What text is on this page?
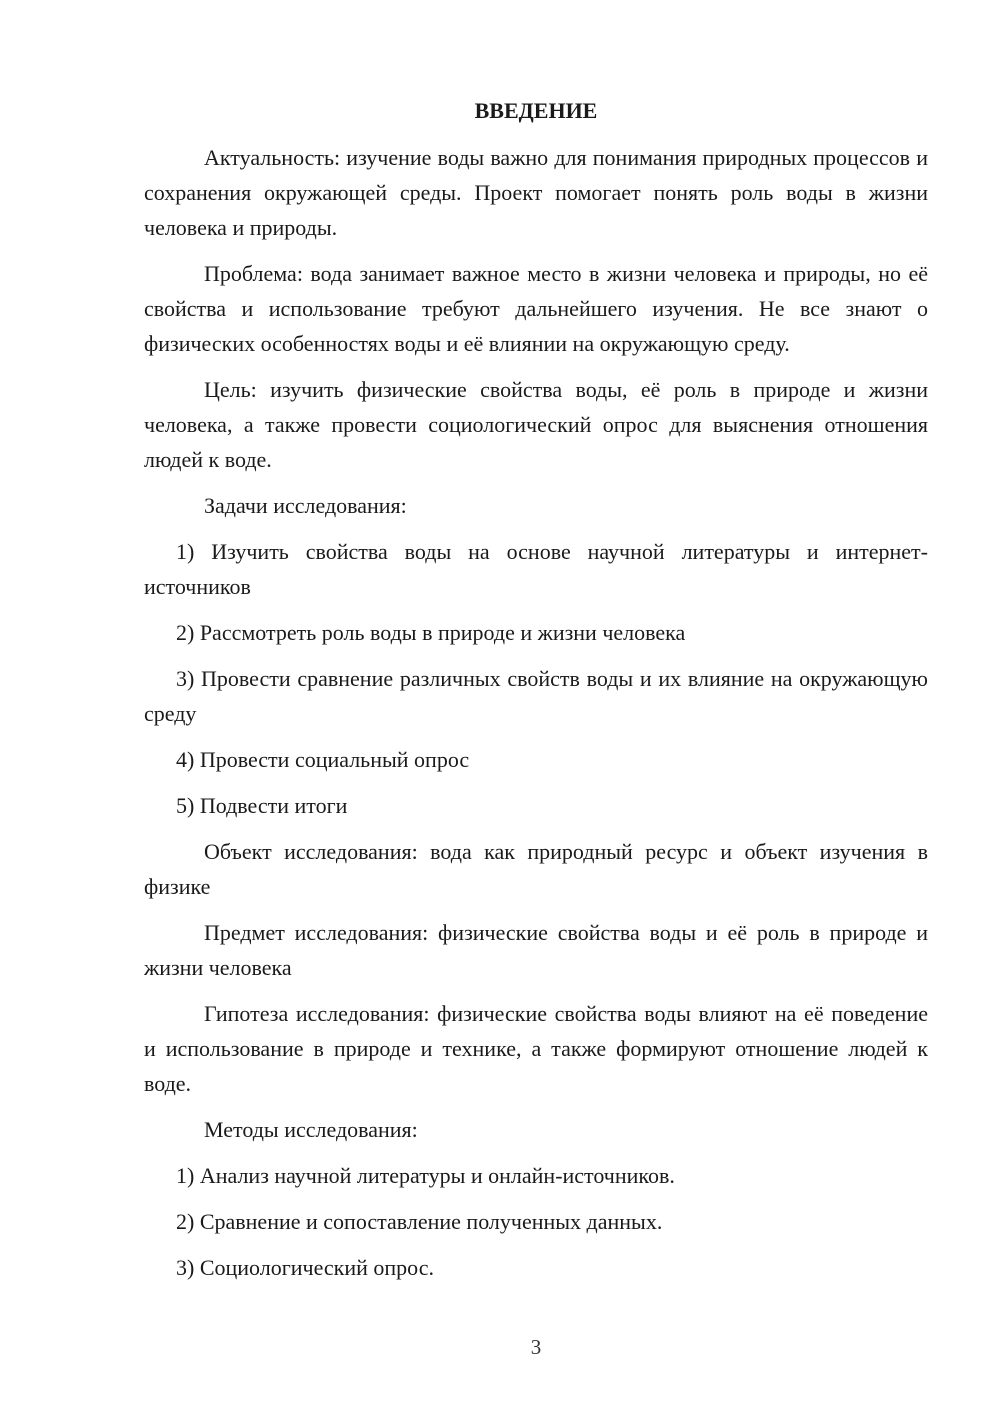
ВВЕДЕНИЕ

Актуальность: изучение воды важно для понимания природных процессов и сохранения окружающей среды. Проект помогает понять роль воды в жизни человека и природы.

Проблема: вода занимает важное место в жизни человека и природы, но её свойства и использование требуют дальнейшего изучения. Не все знают о физических особенностях воды и её влиянии на окружающую среду.

Цель: изучить физические свойства воды, её роль в природе и жизни человека, а также провести социологический опрос для выяснения отношения людей к воде.

Задачи исследования:

1) Изучить свойства воды на основе научной литературы и интернет-источников

2) Рассмотреть роль воды в природе и жизни человека

3) Провести сравнение различных свойств воды и их влияние на окружающую среду

4) Провести социальный опрос

5) Подвести итоги

Объект исследования: вода как природный ресурс и объект изучения в физике

Предмет исследования: физические свойства воды и её роль в природе и жизни человека

Гипотеза исследования: физические свойства воды влияют на её поведение и использование в природе и технике, а также формируют отношение людей к воде.

Методы исследования:

1) Анализ научной литературы и онлайн-источников.

2) Сравнение и сопоставление полученных данных.

3) Социологический опрос.

3
